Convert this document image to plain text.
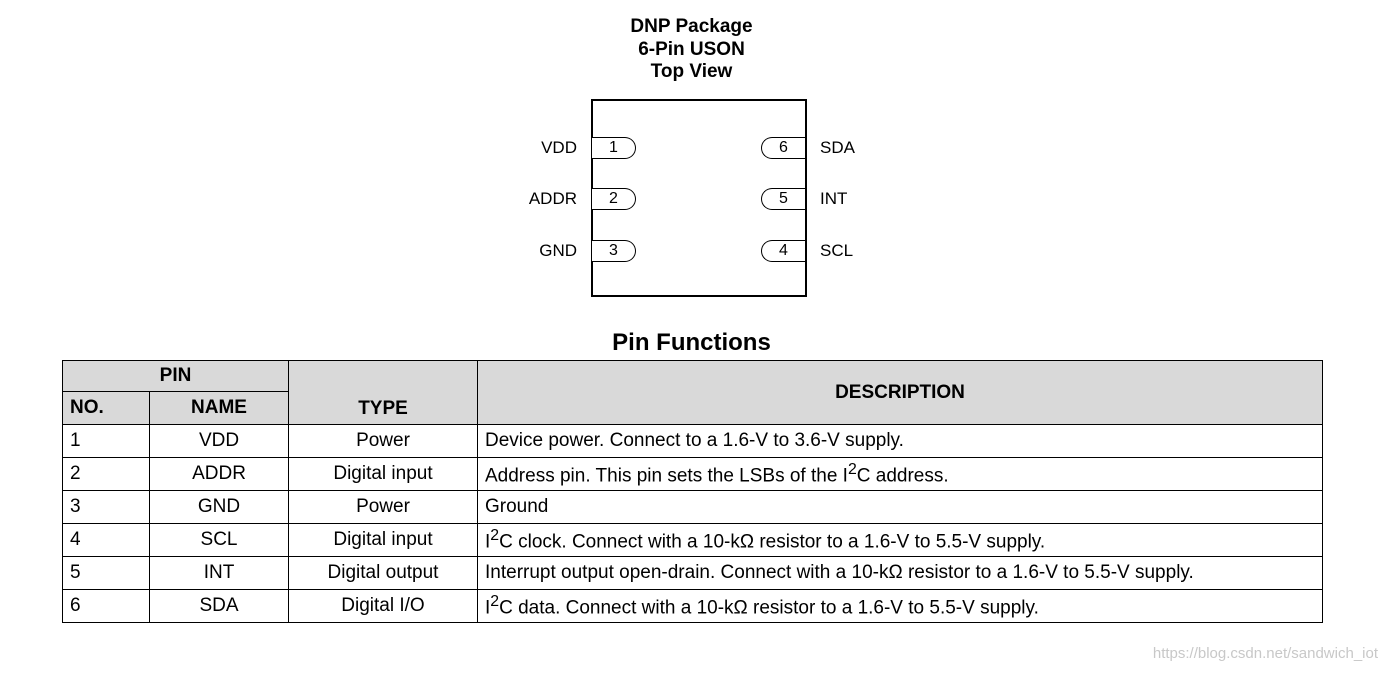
DNP Package
6-Pin USON
Top View
VDD	1
ADDR	2
GND	3
6	SDA
5	INT
4	SCL
Pin Functions
PIN		TYPE	DESCRIPTION
NO.	NAME		
1	VDD	Power	Device power. Connect to a 1.6-V to 3.6-V supply.
2	ADDR	Digital input	Address pin. This pin sets the LSBs of the $I^2C$ address.
3	GND	Power	Ground
4	SCL	Digital input	$I^2C$ clock. Connect with a 10-kΩ resistor to a 1.6-V to 5.5-V supply.
5	INT	Digital output	Interrupt output open-drain. Connect with a 10-kΩ resistor to a 1.6-V to 5.5-V supply.
6	SDA	Digital I/O	$I^2C$ data. Connect with a 10-kΩ resistor to a 1.6-V to 5.5-V supply.
https://blog.csdn.net/sandwich_iot
